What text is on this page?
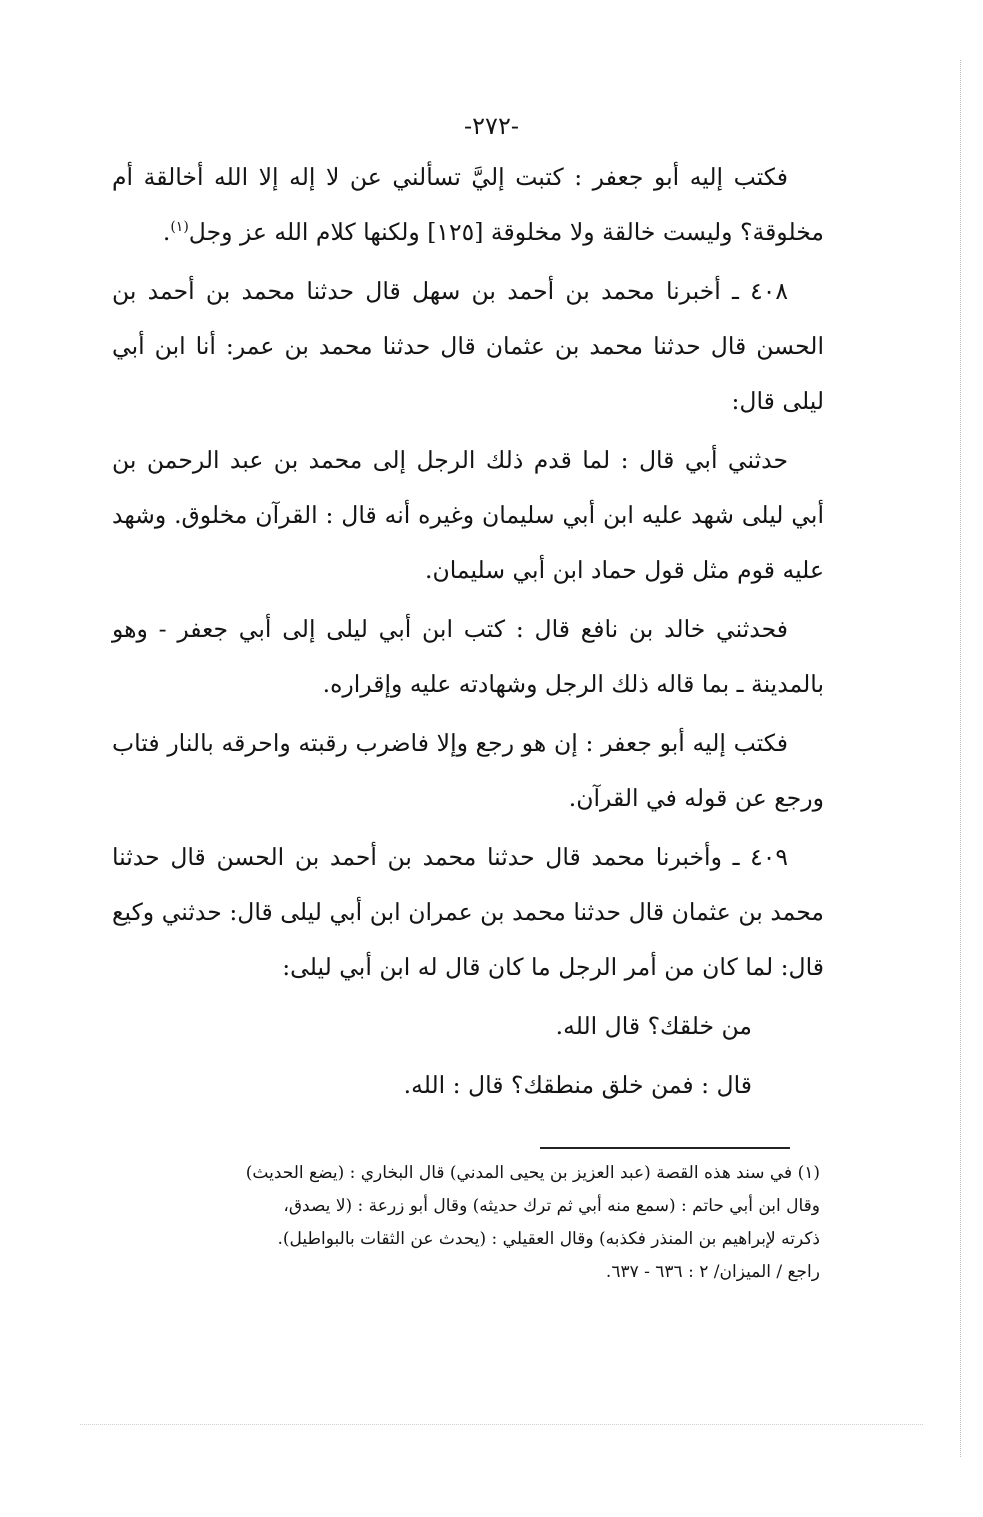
-٢٧٢-

فكتب إليه أبو جعفر : كتبت إليَّ تسألني عن لا إله إلا الله أخالقة أم مخلوقة؟ وليست خالقة ولا مخلوقة [١٢٥] ولكنها كلام الله عز وجل$^{(١)}$.

٤٠٨ ـ أخبرنا محمد بن أحمد بن سهل قال حدثنا محمد بن أحمد بن الحسن قال حدثنا محمد بن عثمان قال حدثنا محمد بن عمر: أنا ابن أبي ليلى قال:

حدثني أبي قال : لما قدم ذلك الرجل إلى محمد بن عبد الرحمن بن أبي ليلى شهد عليه ابن أبي سليمان وغيره أنه قال : القرآن مخلوق. وشهد عليه قوم مثل قول حماد ابن أبي سليمان.

فحدثني خالد بن نافع قال : كتب ابن أبي ليلى إلى أبي جعفر - وهو بالمدينة ـ بما قاله ذلك الرجل وشهادته عليه وإقراره.

فكتب إليه أبو جعفر : إن هو رجع وإلا فاضرب رقبته واحرقه بالنار فتاب ورجع عن قوله في القرآن.

٤٠٩ ـ وأخبرنا محمد قال حدثنا محمد بن أحمد بن الحسن قال حدثنا محمد بن عثمان قال حدثنا محمد بن عمران ابن أبي ليلى قال: حدثني وكيع قال: لما كان من أمر الرجل ما كان قال له ابن أبي ليلى:

من خلقك؟ قال الله.

قال : فمن خلق منطقك؟ قال : الله.

(١) في سند هذه القصة (عبد العزيز بن يحيى المدني) قال البخاري : (يضع الحديث)

وقال ابن أبي حاتم : (سمع منه أبي ثم ترك حديثه) وقال أبو زرعة : (لا يصدق،

ذكرته لإبراهيم بن المنذر فكذبه) وقال العقيلي : (يحدث عن الثقات بالبواطيل).

راجع / الميزان/ ٢ : ٦٣٦ - ٦٣٧.
